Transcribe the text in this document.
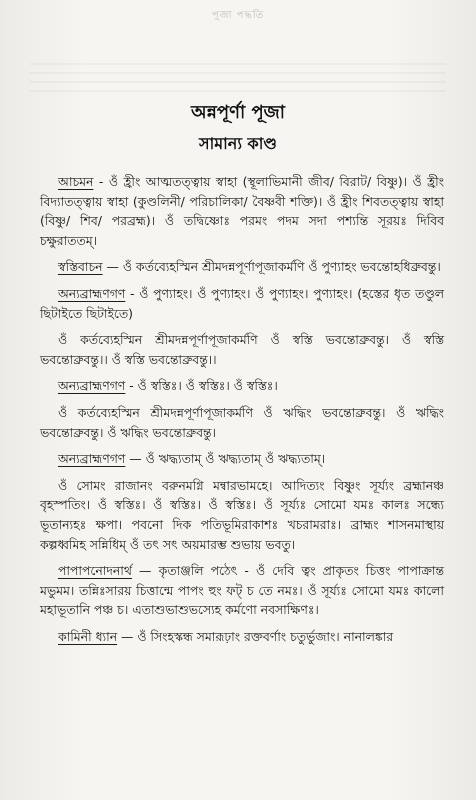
পূজা পদ্ধতি
অন্নপূর্ণা পূজা
সামান্য কাণ্ড

আচমন - ওঁ হ্রীং আত্মতত্ত্বায় স্বাহা (স্থূলাভিমানী জীব/ বিরাট/ বিষ্ণু)। ওঁ হ্রীং বিদ্যাতত্ত্বায় স্বাহা (কুণ্ডলিনী/ পরিচালিকা/ বৈষ্ণবী শক্তি)। ওঁ হ্রীং শিবতত্ত্বায় স্বাহা (বিষ্ণু/ শিব/ পরব্রহ্ম)। ওঁ তদ্বিষ্ণোঃ পরমং পদম সদা পশ্যন্তি সূরয়ঃ দিবিব চক্ষুরাততম্।

স্বস্তিবাচন — ওঁ কর্তব্যেহস্মিন শ্রীমদন্নপূর্ণাপূজাকর্মণি ওঁ পুণ্যাহং ভবন্তোহধিব্রুবন্তু।

অন্যব্রাহ্মণগণ - ওঁ পুণ্যাহং। ওঁ পুণ্যাহং। ওঁ পুণ্যাহং। পুণ্যাহং। (হস্তের ধৃত তণ্ডুল ছিটাইতে ছিটাইতে)

ওঁ কর্তব্যেহস্মিন শ্রীমদন্নপূর্ণাপূজাকর্মণি ওঁ স্বস্তি ভবন্তোব্রুবন্তু। ওঁ স্বস্তি ভবন্তোব্রুবন্তু।। ওঁ স্বস্তি ভবন্তোব্রুবন্তু।।

অন্যব্রাহ্মণগণ - ওঁ স্বস্তিঃ। ওঁ স্বস্তিঃ। ওঁ স্বস্তিঃ।

ওঁ কর্তব্যেহস্মিন শ্রীমদন্নপূর্ণাপূজাকর্মণি ওঁ ঋদ্ধিং ভবন্তোব্রুবন্তু। ওঁ ঋদ্ধিং ভবন্তোব্রুবন্তু। ওঁ ঋদ্ধিং ভবন্তোব্রুবন্তু।

অন্যব্রাহ্মণগণ — ওঁ ঋদ্ধ্যতাম্ ওঁ ঋদ্ধ্যতাম্ ওঁ ঋদ্ধ্যতাম্।

ওঁ সোমং রাজানং বরুনমগ্নি মন্বারভামহে। আদিত্যং বিষ্ণুং সূর্য্যং ব্রহ্মানঞ্চ বৃহস্পতিং। ওঁ স্বস্তিঃ। ওঁ স্বস্তিঃ। ওঁ স্বস্তিঃ। ওঁ সূর্য্যঃ সোমো যমঃ কালঃ সন্ধ্যে ভূতান্যহঃ ক্ষপা। পবনো দিক পতিভূমিরাকাশঃ খচরামরাঃ। ব্রাহ্মং শাসনমাস্থায় কল্পধ্বমিহ সন্নিধিম্ ওঁ তৎ সৎ অয়মারম্ভ শুভায় ভবতু।

পাপাপনোদনার্থ — কৃতাঞ্জলি পঠেৎ - ওঁ দেবি ত্বং প্রাকৃতং চিত্তং পাপাক্রান্ত মভুমম। তন্নিঃসারয় চিত্তান্মে পাপং হুং ফট্ চ তে নমঃ। ওঁ সূর্য্যঃ সোমো যমঃ কালো মহাভূতানি পঞ্চ চ। এতাশুভাশুভস্যেহ কর্মণো নবসাক্ষিণঃ।

কামিনী ধ্যান — ওঁ সিংহস্কন্ধ সমারূঢ়াং রক্তবর্ণাং চতুর্ভুজাং। নানালঙ্কার
